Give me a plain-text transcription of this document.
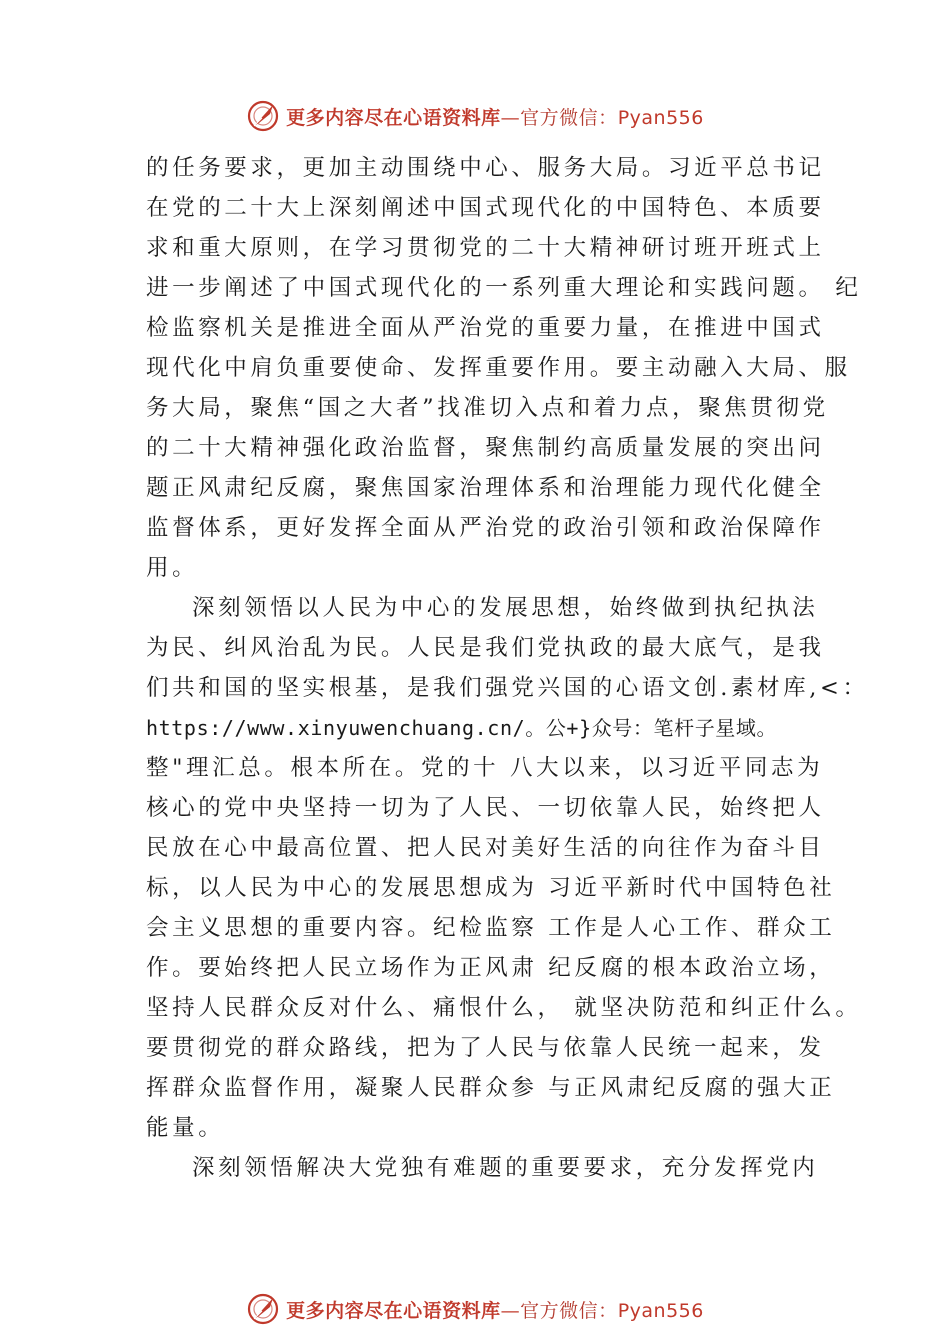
更多内容尽在心语资料库—官方微信：Pyan556
的任务要求，更加主动围绕中心、服务大局。习近平总书记
在党的二十大上深刻阐述中国式现代化的中国特色、本质要
求和重大原则，在学习贯彻党的二十大精神研讨班开班式上
进一步阐述了中国式现代化的一系列重大理论和实践问题。 纪
检监察机关是推进全面从严治党的重要力量，在推进中国式
现代化中肩负重要使命、发挥重要作用。要主动融入大局、服
务大局，聚焦“国之大者”找准切入点和着力点，聚焦贯彻党
的二十大精神强化政治监督，聚焦制约高质量发展的突出问
题正风肃纪反腐，聚焦国家治理体系和治理能力现代化健全
监督体系，更好发挥全面从严治党的政治引领和政治保障作
用。
深刻领悟以人民为中心的发展思想，始终做到执纪执法
为民、纠风治乱为民。人民是我们党执政的最大底气，是我
们共和国的坚实根基，是我们强党兴国的心语文创.素材库,<：
https://www.xinyuwenchuang.cn/。公+}众号：笔杆子星域。
整"理汇总。根本所在。党的十 八大以来，以习近平同志为
核心的党中央坚持一切为了人民、一切依靠人民，始终把人
民放在心中最高位置、把人民对美好生活的向往作为奋斗目
标，以人民为中心的发展思想成为 习近平新时代中国特色社
会主义思想的重要内容。纪检监察 工作是人心工作、群众工
作。要始终把人民立场作为正风肃 纪反腐的根本政治立场，
坚持人民群众反对什么、痛恨什么， 就坚决防范和纠正什么。
要贯彻党的群众路线，把为了人民与依靠人民统一起来，发
挥群众监督作用，凝聚人民群众参 与正风肃纪反腐的强大正
能量。
深刻领悟解决大党独有难题的重要要求，充分发挥党内
更多内容尽在心语资料库—官方微信：Pyan556
